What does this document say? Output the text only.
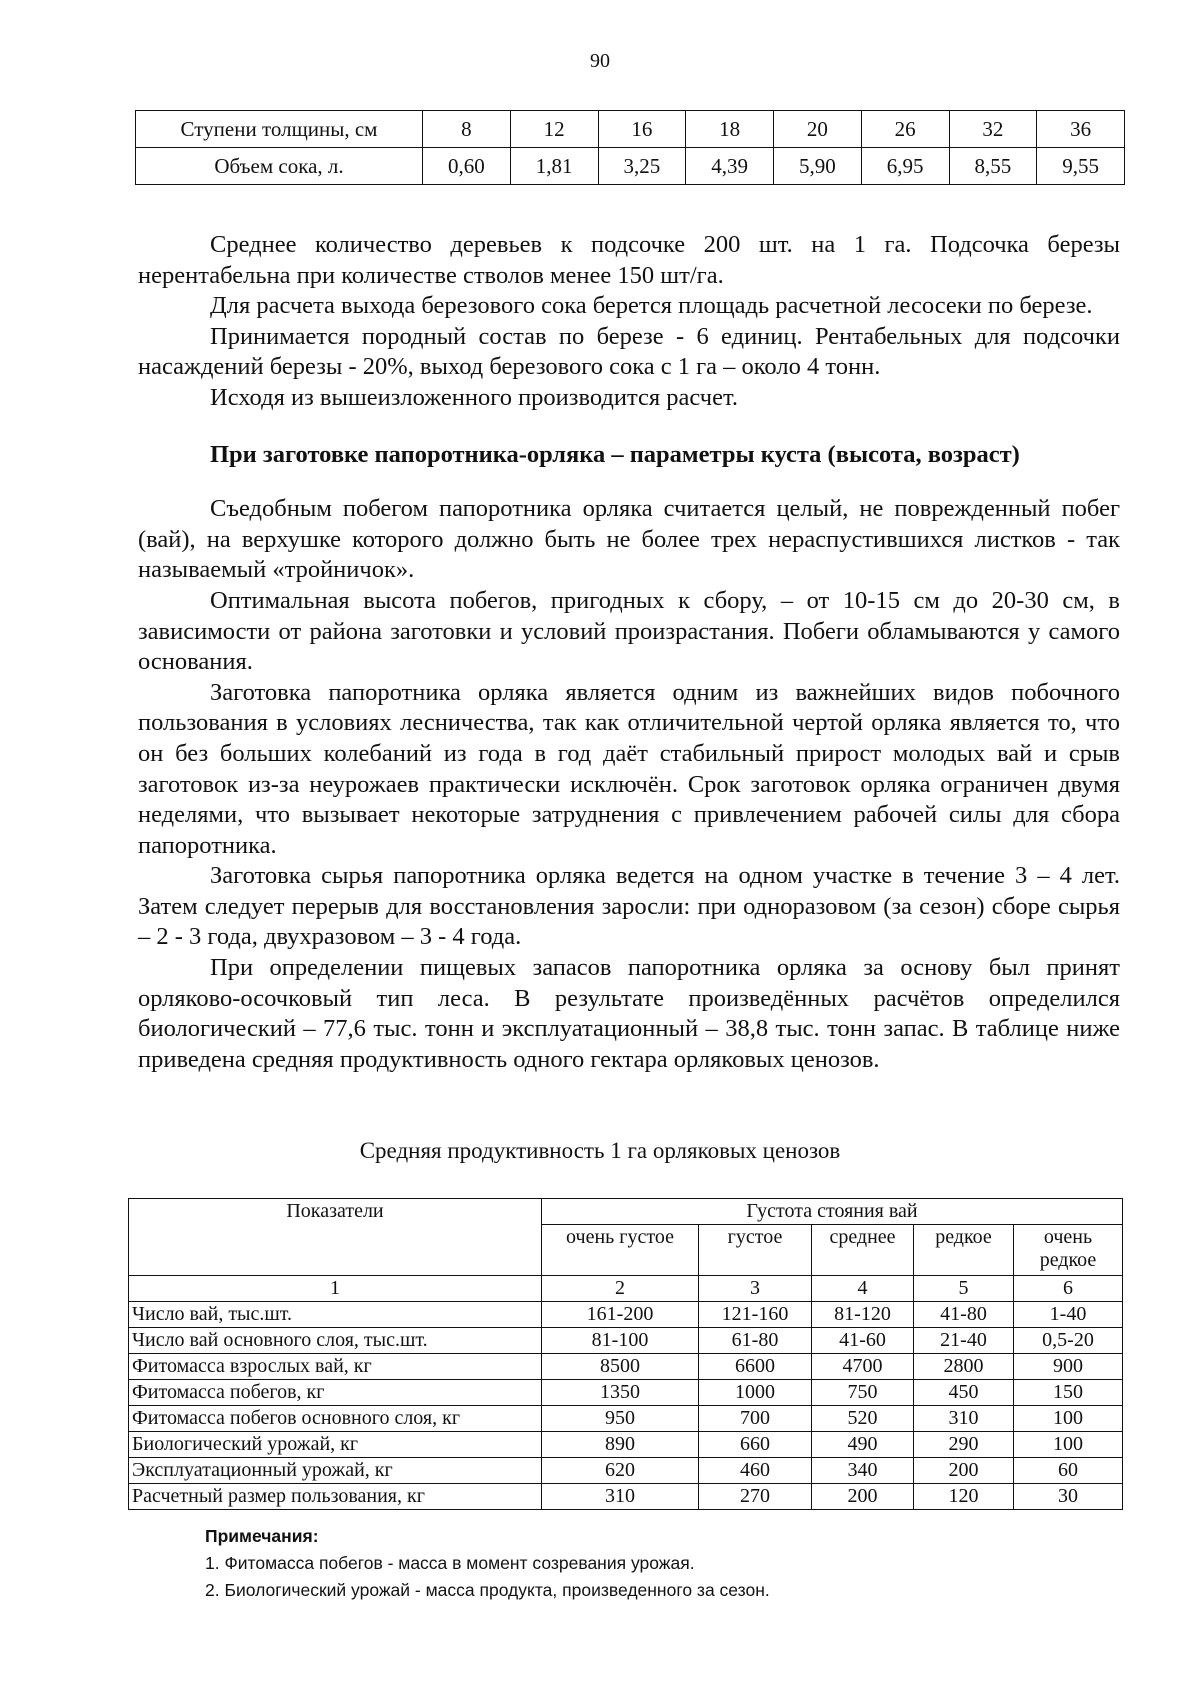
90
Ступени толщины, см	8	12	16	18	20	26	32	36
Объем сока, л.	0,60	1,81	3,25	4,39	5,90	6,95	8,55	9,55

Среднее количество деревьев к подсочке 200 шт. на 1 га. Подсочка березы нерентабельна при количестве стволов менее 150 шт/га.

Для расчета выхода березового сока берется площадь расчетной лесосеки по березе.

Принимается породный состав по березе - 6 единиц. Рентабельных для подсочки насаждений березы - 20%, выход березового сока с 1 га – около 4 тонн.

Исходя из вышеизложенного производится расчет.

При заготовке папоротника-орляка – параметры куста (высота, возраст)

Съедобным побегом папоротника орляка считается целый, не поврежденный побег (вай), на верхушке которого должно быть не более трех нераспустившихся листков - так называемый «тройничок».

Оптимальная высота побегов, пригодных к сбору, – от 10-15 см до 20-30 см, в зависимости от района заготовки и условий произрастания. Побеги обламываются у самого основания.

Заготовка папоротника орляка является одним из важнейших видов побочного пользования в условиях лесничества, так как отличительной чертой орляка является то, что он без больших колебаний из года в год даёт стабильный прирост молодых вай и срыв заготовок из-за неурожаев практически исключён. Срок заготовок орляка ограничен двумя неделями, что вызывает некоторые затруднения с привлечением рабочей силы для сбора папоротника.

Заготовка сырья папоротника орляка ведется на одном участке в течение 3 – 4 лет. Затем следует перерыв для восстановления заросли: при одноразовом (за сезон) сборе сырья – 2 - 3 года, двухразовом – 3 - 4 года.

При определении пищевых запасов папоротника орляка за основу был принят орляково-осочковый тип леса. В результате произведённых расчётов определился биологический – 77,6 тыс. тонн и эксплуатационный – 38,8 тыс. тонн запас. В таблице ниже приведена средняя продуктивность одного гектара орляковых ценозов.

Средняя продуктивность 1 га орляковых ценозов
Показатели	Густота стояния вай				
	очень густое	густое	среднее	редкое	очень редкое
1	2	3	4	5	6
Число вай, тыс.шт.	161-200	121-160	81-120	41-80	1-40
Число вай основного слоя, тыс.шт.	81-100	61-80	41-60	21-40	0,5-20
Фитомасса взрослых вай, кг	8500	6600	4700	2800	900
Фитомасса побегов, кг	1350	1000	750	450	150
Фитомасса побегов основного слоя, кг	950	700	520	310	100
Биологический урожай, кг	890	660	490	290	100
Эксплуатационный урожай, кг	620	460	340	200	60
Расчетный размер пользования, кг	310	270	200	120	30
Примечания:
1. Фитомасса побегов - масса в момент созревания урожая.
2. Биологический урожай - масса продукта, произведенного за сезон.
